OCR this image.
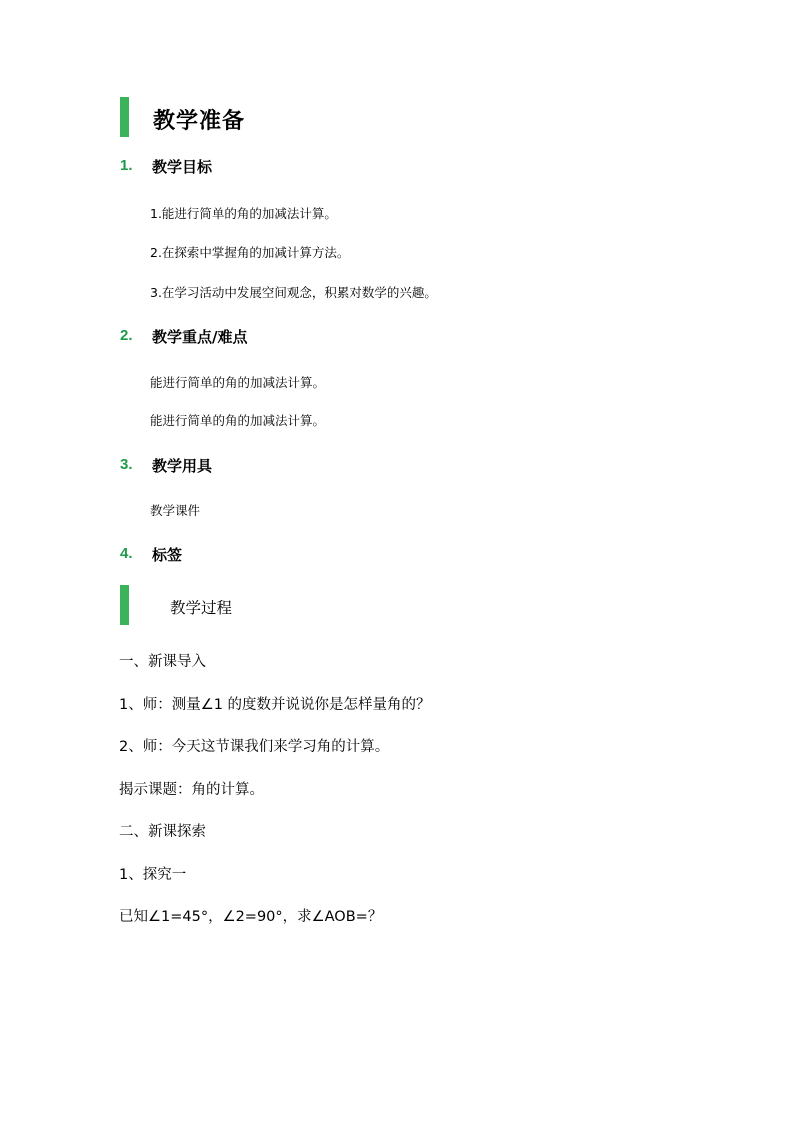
教学准备
1. 教学目标
1.能进行简单的角的加减法计算。
2.在探索中掌握角的加减计算方法。
3.在学习活动中发展空间观念，积累对数学的兴趣。
2. 教学重点/难点
能进行简单的角的加减法计算。
能进行简单的角的加减法计算。
3. 教学用具
教学课件
4. 标签
教学过程
一、新课导入
1、师：测量∠1 的度数并说说你是怎样量角的？
2、师：今天这节课我们来学习角的计算。
揭示课题：角的计算。
二、新课探索
1、探究一
已知∠1=45°，∠2=90°，求∠AOB=？
